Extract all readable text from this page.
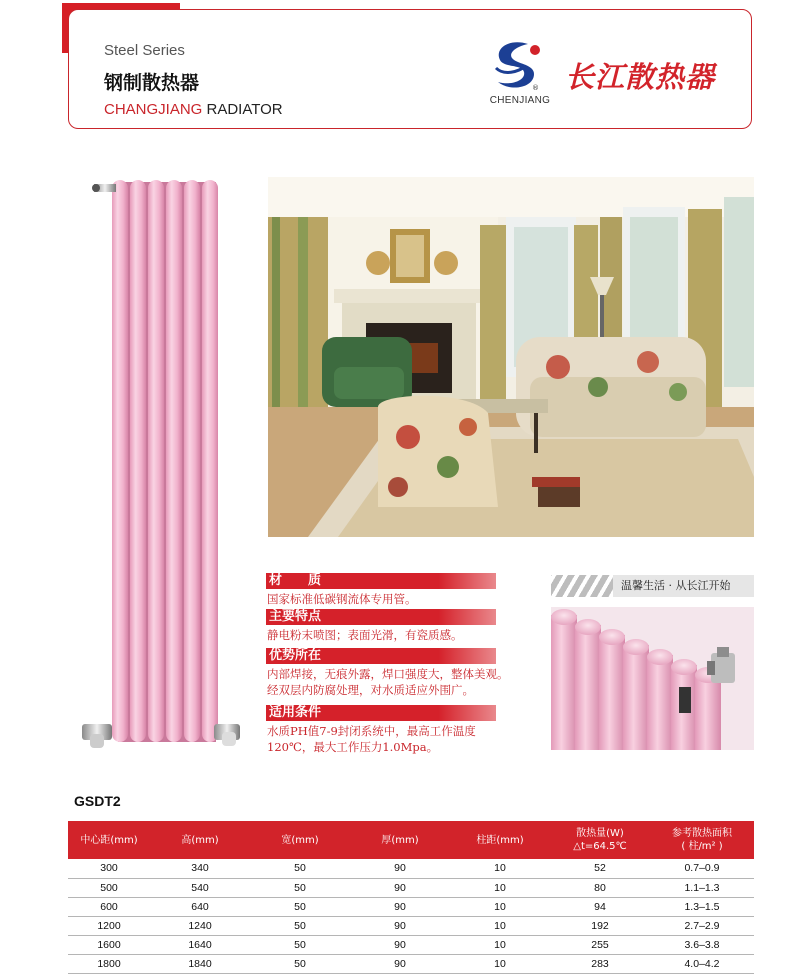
Steel Series
钢制散热器
CHANGJIANG RADIATOR
®
CHENJIANG
长江散热器
材　　质
国家标准低碳钢流体专用管。
主要特点
静电粉末喷图；表面光滑，有瓷质感。
优势所在
内部焊接，无痕外露，焊口强度大，整体美观。
经双层内防腐处理，对水质适应外围广。
适用条件
水质PH值7-9封闭系统中，最高工作温度
120℃，最大工作压力1.0Mpa。
温馨生活 · 从长江开始
GSDT2
中心距(mm)	高(mm)	宽(mm)	厚(mm)	柱距(mm)	散热量(W)
△t=64.5℃	参考散热面积
( 柱/m² )
300	340	50	90	10	52	0.7–0.9
500	540	50	90	10	80	1.1–1.3
600	640	50	90	10	94	1.3–1.5
1200	1240	50	90	10	192	2.7–2.9
1600	1640	50	90	10	255	3.6–3.8
1800	1840	50	90	10	283	4.0–4.2
